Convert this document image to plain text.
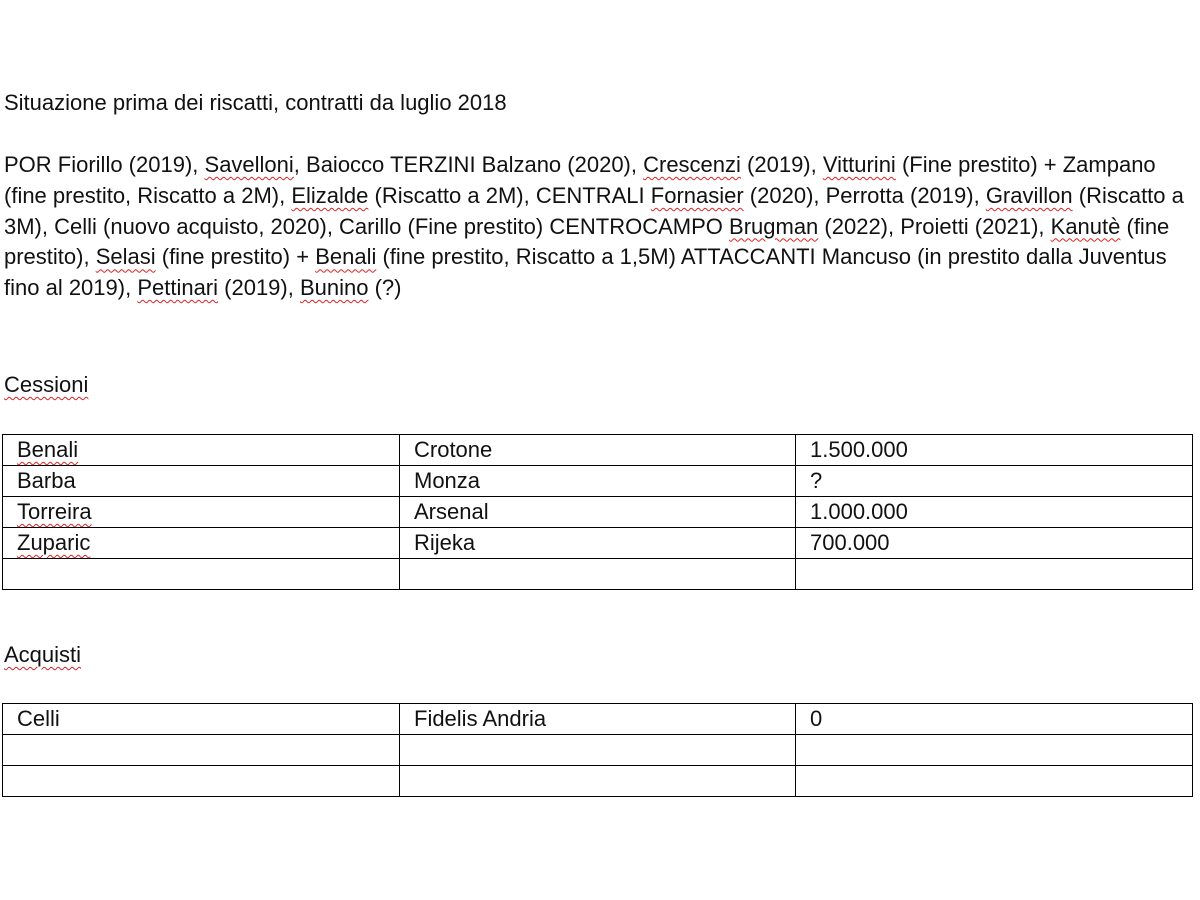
Situazione prima dei riscatti, contratti da luglio 2018
POR Fiorillo (2019), Savelloni, Baiocco TERZINI Balzano (2020), Crescenzi (2019), Vitturini (Fine prestito) + Zampano (fine prestito, Riscatto a 2M), Elizalde (Riscatto a 2M), CENTRALI Fornasier (2020), Perrotta (2019), Gravillon (Riscatto a 3M), Celli (nuovo acquisto, 2020), Carillo (Fine prestito) CENTROCAMPO Brugman (2022), Proietti (2021), Kanutè (fine prestito), Selasi (fine prestito) + Benali (fine prestito, Riscatto a 1,5M) ATTACCANTI Mancuso (in prestito dalla Juventus fino al 2019), Pettinari (2019), Bunino (?)
Cessioni
Benali	Crotone	1.500.000
Barba	Monza	?
Torreira	Arsenal	1.000.000
Zuparic	Rijeka	700.000

Acquisti
Celli	Fidelis Andria	0
